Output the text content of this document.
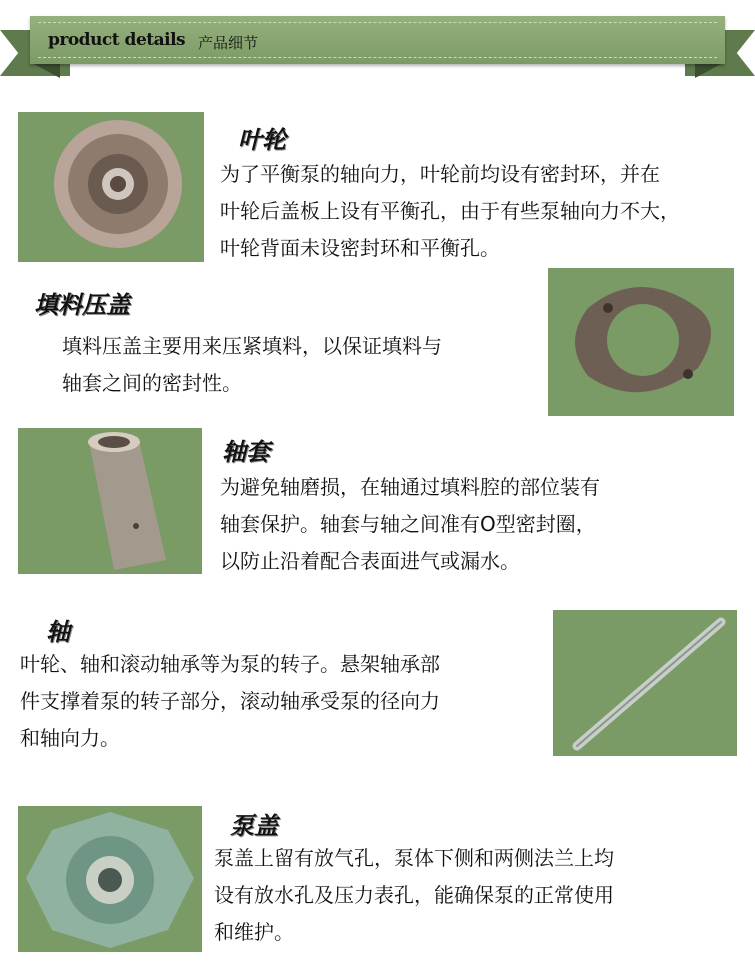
product details 产品细节
叶轮
为了平衡泵的轴向力，叶轮前均设有密封环，并在
叶轮后盖板上设有平衡孔，由于有些泵轴向力不大，
叶轮背面未设密封环和平衡孔。
填料压盖
填料压盖主要用来压紧填料，以保证填料与
轴套之间的密封性。
轴套
为避免轴磨损，在轴通过填料腔的部位装有
轴套保护。轴套与轴之间准有O型密封圈，
以防止沿着配合表面进气或漏水。
轴
叶轮、轴和滚动轴承等为泵的转子。悬架轴承部
件支撑着泵的转子部分，滚动轴承受泵的径向力
和轴向力。
泵盖
泵盖上留有放气孔，泵体下侧和两侧法兰上均
设有放水孔及压力表孔，能确保泵的正常使用
和维护。
